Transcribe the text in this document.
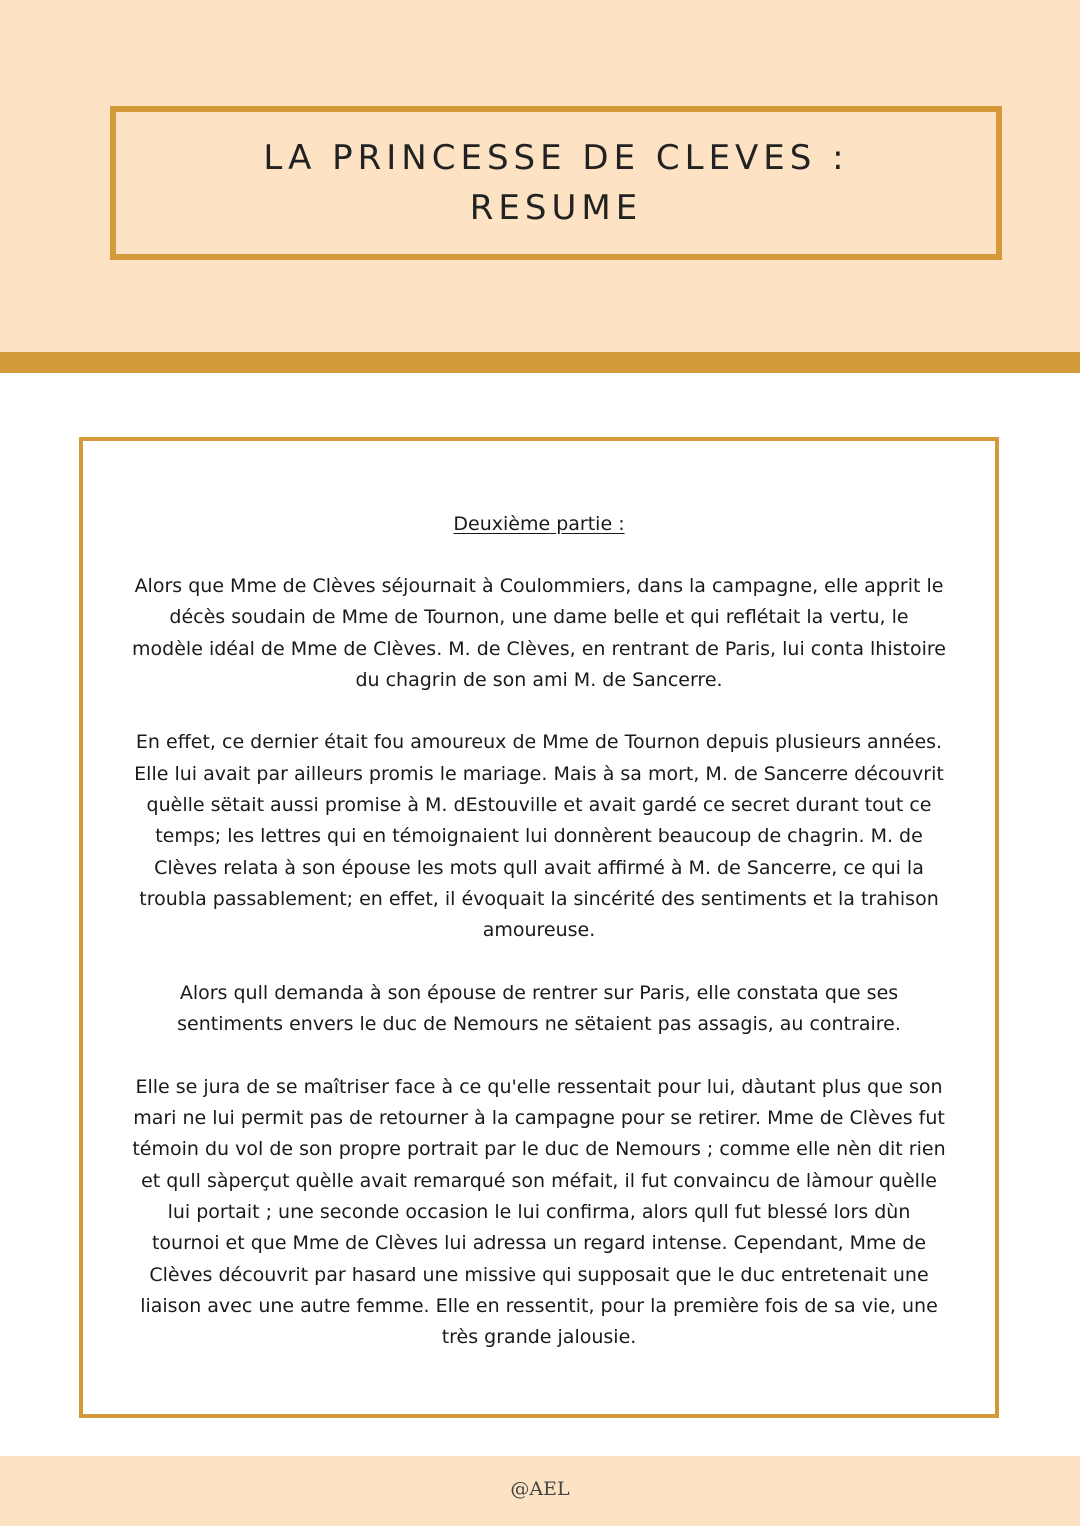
LA PRINCESSE DE CLEVES :
RESUME
Deuxième partie :

Alors que Mme de Clèves séjournait à Coulommiers, dans la campagne, elle apprit le décès soudain de Mme de Tournon, une dame belle et qui reflétait la vertu, le modèle idéal de Mme de Clèves. M. de Clèves, en rentrant de Paris, lui conta lhistoire du chagrin de son ami M. de Sancerre.

En effet, ce dernier était fou amoureux de Mme de Tournon depuis plusieurs années. Elle lui avait par ailleurs promis le mariage. Mais à sa mort, M. de Sancerre découvrit quèlle sëtait aussi promise à M. dEstouville et avait gardé ce secret durant tout ce temps; les lettres qui en témoignaient lui donnèrent beaucoup de chagrin. M. de Clèves relata à son épouse les mots qull avait affirmé à M. de Sancerre, ce qui la troubla passablement; en effet, il évoquait la sincérité des sentiments et la trahison amoureuse.

Alors qull demanda à son épouse de rentrer sur Paris, elle constata que ses sentiments envers le duc de Nemours ne sëtaient pas assagis, au contraire.

Elle se jura de se maîtriser face à ce qu'elle ressentait pour lui, dàutant plus que son mari ne lui permit pas de retourner à la campagne pour se retirer. Mme de Clèves fut témoin du vol de son propre portrait par le duc de Nemours ; comme elle nèn dit rien et qull sàperçut quèlle avait remarqué son méfait, il fut convaincu de làmour quèlle lui portait ; une seconde occasion le lui confirma, alors qull fut blessé lors dùn tournoi et que Mme de Clèves lui adressa un regard intense. Cependant, Mme de Clèves découvrit par hasard une missive qui supposait que le duc entretenait une liaison avec une autre femme. Elle en ressentit, pour la première fois de sa vie, une très grande jalousie.

@AEL
